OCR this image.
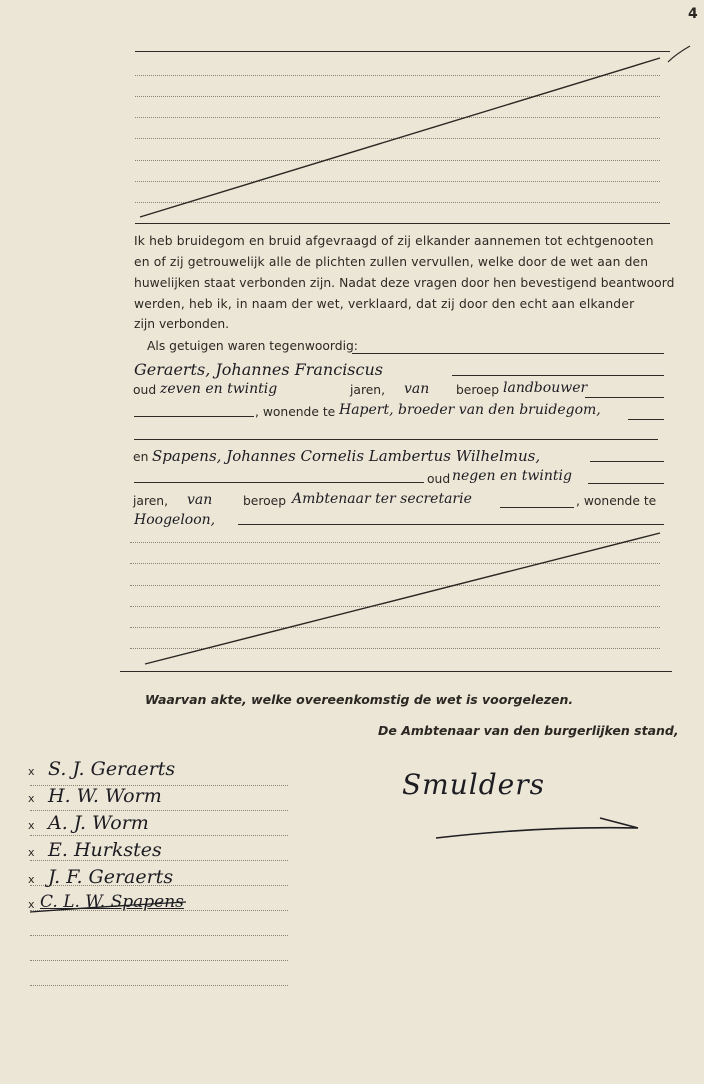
4
Ik heb bruidegom en bruid afgevraagd of zij elkander aannemen tot echtgenooten
en of zij getrouwelijk alle de plichten zullen vervullen, welke door de wet aan den
huwelijken staat verbonden zijn. Nadat deze vragen door hen bevestigend beantwoord
werden, heb ik, in naam der wet, verklaard, dat zij door den echt aan elkander
zijn verbonden.
Als getuigen waren tegenwoordig:
Geraerts, Johannes Franciscus
oud zeven en twintig	jaren, van beroep landbouwer
, wonende te Hapert, broeder van den bruidegom,
en Spapens, Johannes Cornelis Lambertus Wilhelmus,
oud negen en twintig
jaren, van beroep Ambtenaar ter secretarie	, wonende te
Hoogeloon,
Waarvan akte, welke overeenkomstig de wet is voorgelezen.
De Ambtenaar van den burgerlijken stand,
Smulders
x
x
x
x
x
x
S. J. Geraerts
H. W. Worm
A. J. Worm
E. Hurkstes
J. F. Geraerts
C. L. W. Spapens
